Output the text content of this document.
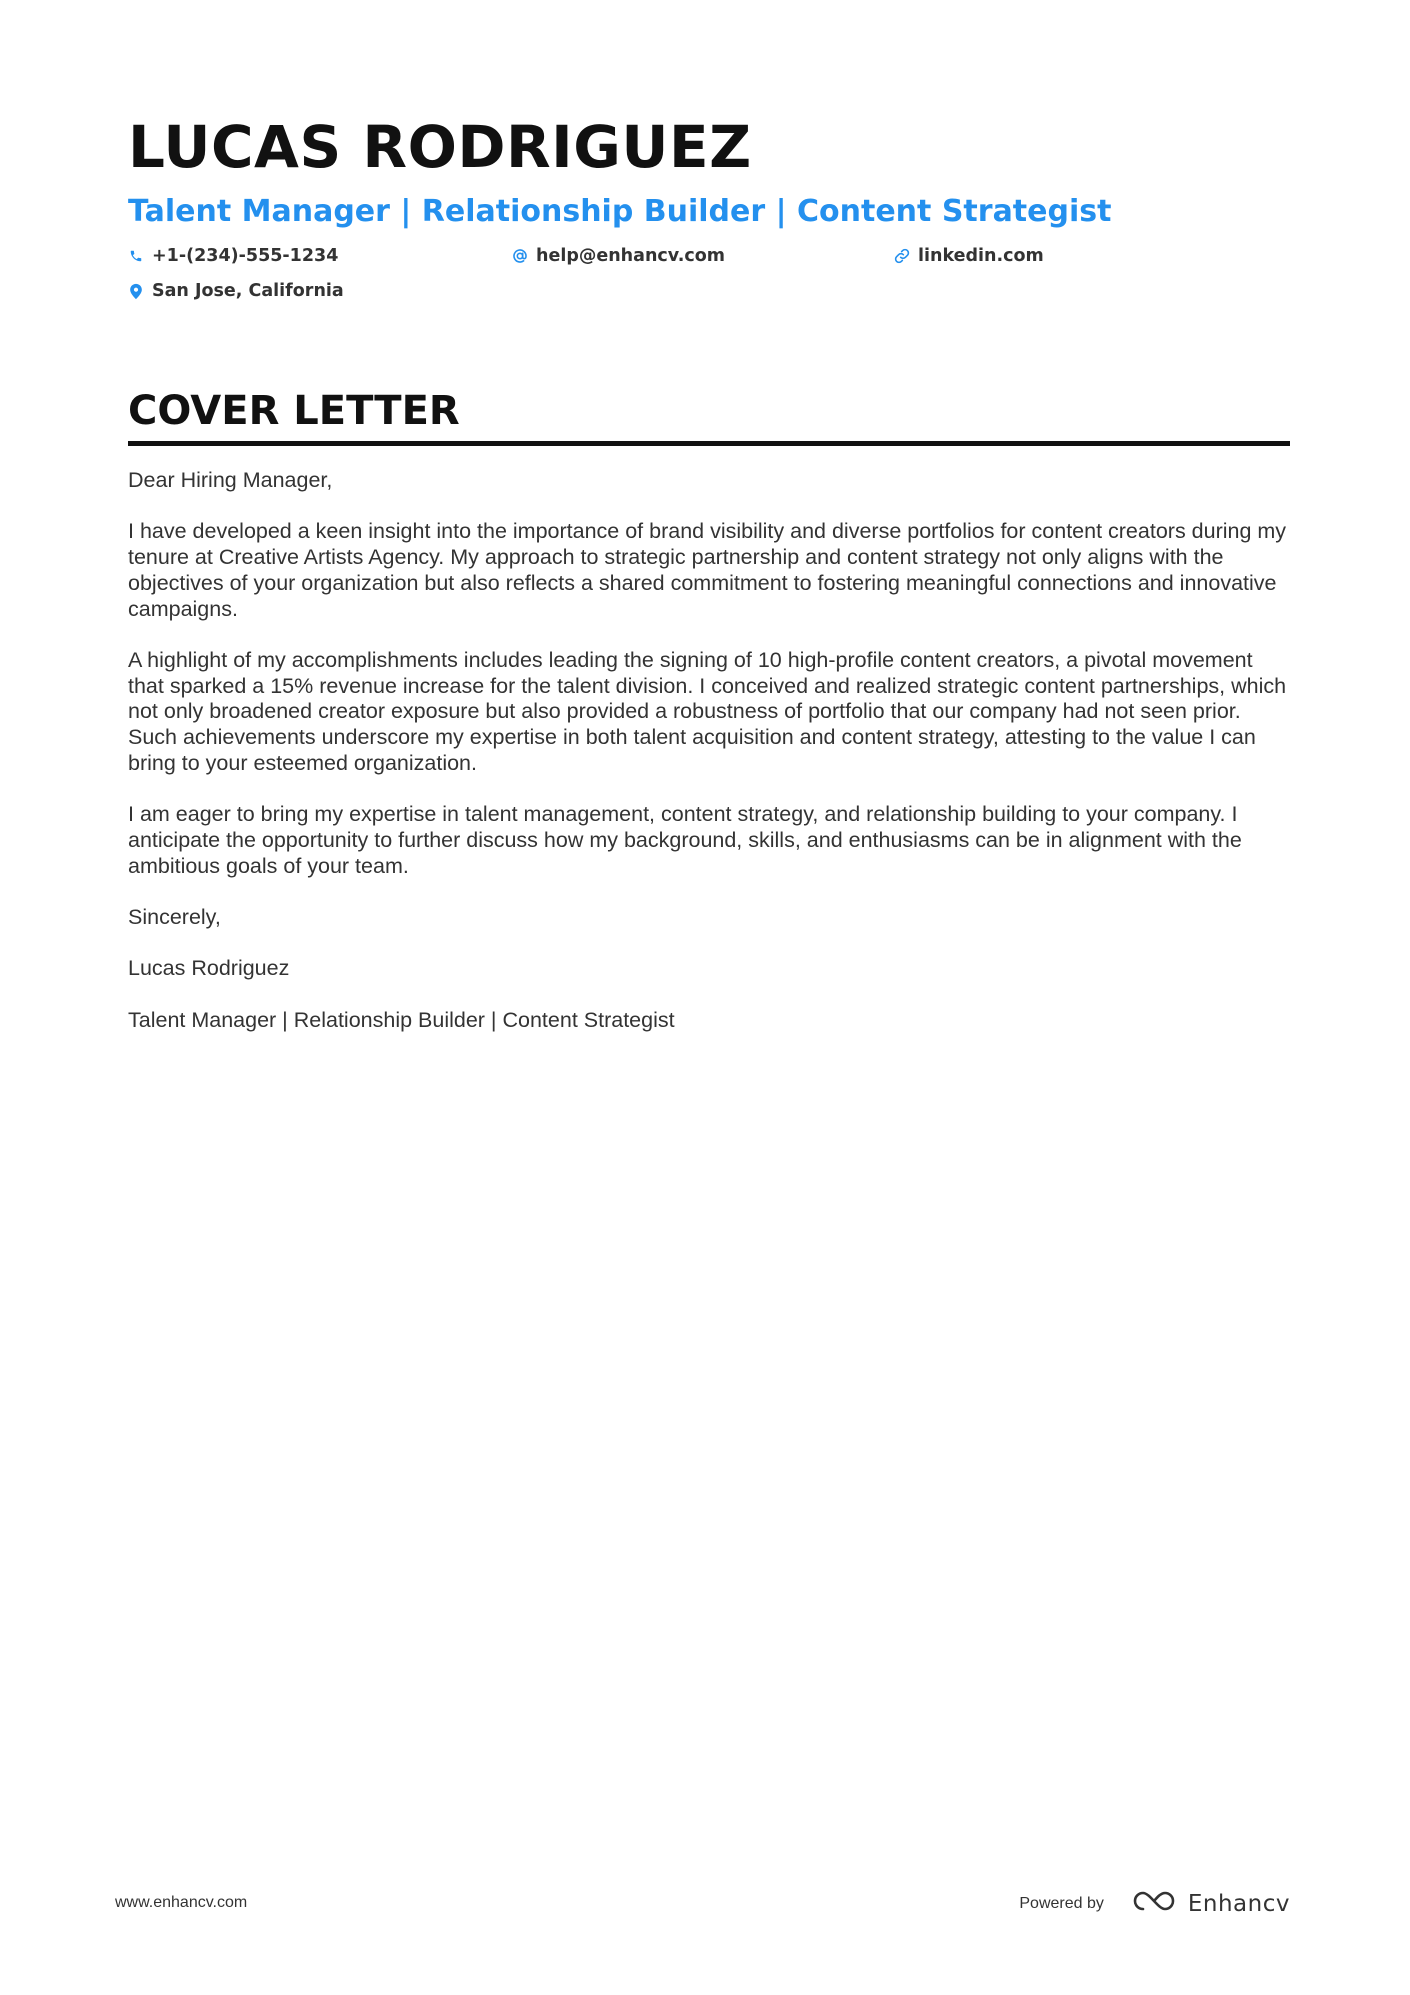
LUCAS RODRIGUEZ
Talent Manager | Relationship Builder | Content Strategist
+1-(234)-555-1234	help@enhancv.com	linkedin.com
San Jose, California
COVER LETTER

Dear Hiring Manager,

I have developed a keen insight into the importance of brand visibility and diverse portfolios for content creators during my tenure at Creative Artists Agency. My approach to strategic partnership and content strategy not only aligns with the objectives of your organization but also reflects a shared commitment to fostering meaningful connections and innovative campaigns.

A highlight of my accomplishments includes leading the signing of 10 high-profile content creators, a pivotal movement that sparked a 15% revenue increase for the talent division. I conceived and realized strategic content partnerships, which not only broadened creator exposure but also provided a robustness of portfolio that our company had not seen prior. Such achievements underscore my expertise in both talent acquisition and content strategy, attesting to the value I can bring to your esteemed organization.

I am eager to bring my expertise in talent management, content strategy, and relationship building to your company. I anticipate the opportunity to further discuss how my background, skills, and enthusiasms can be in alignment with the ambitious goals of your team.

Sincerely,

Lucas Rodriguez

Talent Manager | Relationship Builder | Content Strategist

www.enhancv.com	Powered by	Enhancv
